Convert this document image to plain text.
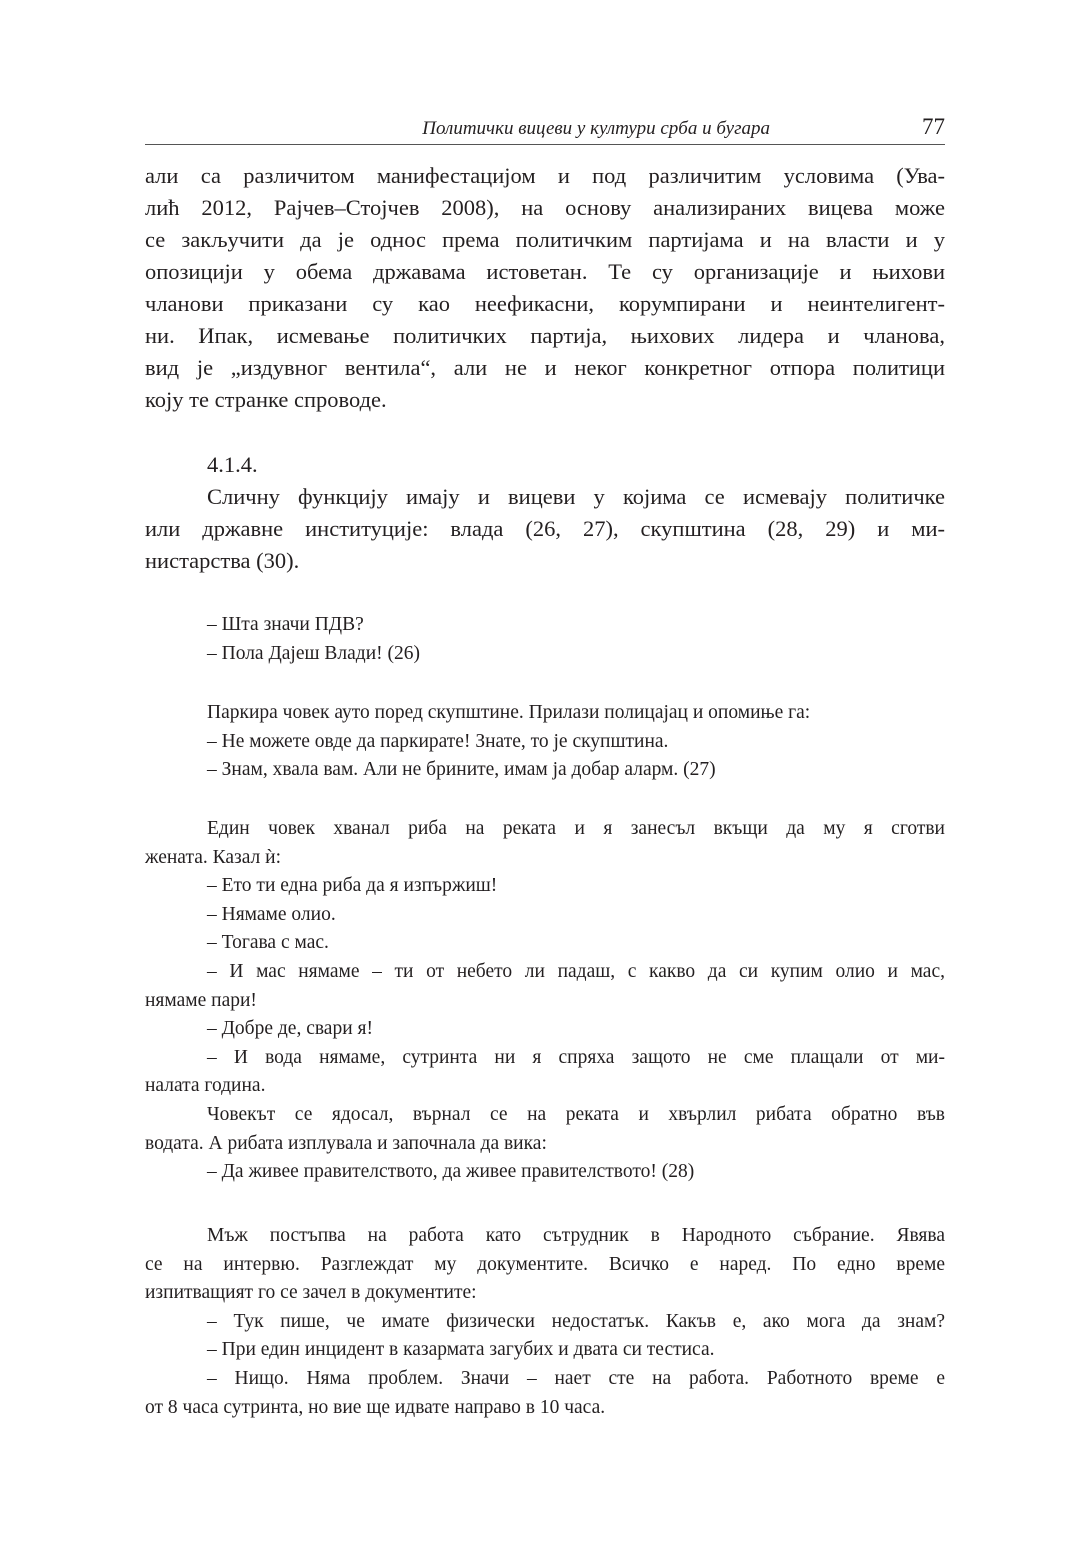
Политички вицеви у култури срба и бугара	77
али са различитом манифестацијом и под различитим условима (Ува-
лић 2012, Рајчев–Стојчев 2008), на основу анализираних вицева може
се закључити да је однос према политичким партијама и на власти и у
опозицији у обема државама истоветан. Те су организације и њихови
чланови приказани су као неефикасни, корумпирани и неинтелигент-
ни. Ипак, исмевање политичких партија, њихових лидера и чланова,
вид је „издувног вентила“, али не и неког конкретног отпора политици
коју те странке спроводе.
4.1.4.
Сличну функцију имају и вицеви у којима се исмевају политичке
или државне институције: влада (26, 27), скупштина (28, 29) и ми-
нистарства (30).
– Шта значи ПДВ?
– Пола Дајеш Влади! (26)
Паркира човек ауто поред скупштине. Прилази полицајац и опомиње га:
– Не можете овде да паркирате! Знате, то је скупштина.
– Знам, хвала вам. Али не брините, имам ја добар аларм. (27)
Един човек хванал риба на реката и я занесъл вкъщи да му я сготви
жената. Казал ѝ:
– Ето ти една риба да я изпържиш!
– Нямаме олио.
– Тогава с мас.
– И мас нямаме – ти от небето ли падаш, с какво да си купим олио и мас,
нямаме пари!
– Добре де, свари я!
– И вода нямаме, сутринта ни я спряха защото не сме плащали от ми-
налата година.
Човекът се ядосал, върнал се на реката и хвърлил рибата обратно във
водата. А рибата изплувала и започнала да вика:
– Да живее правителството, да живее правителството! (28)
Мъж постъпва на работа като сътрудник в Народното събрание. Явява
се на интервю. Разглеждат му документите. Всичко е наред. По едно време
изпитващият го се зачел в документите:
– Тук пише, че имате физически недостатък. Какъв е, ако мога да знам?
– При един инцидент в казармата загубих и двата си тестиса.
– Нищо. Няма проблем. Значи – нает сте на работа. Работното време е
от 8 часа сутринта, но вие ще идвате направо в 10 часа.
